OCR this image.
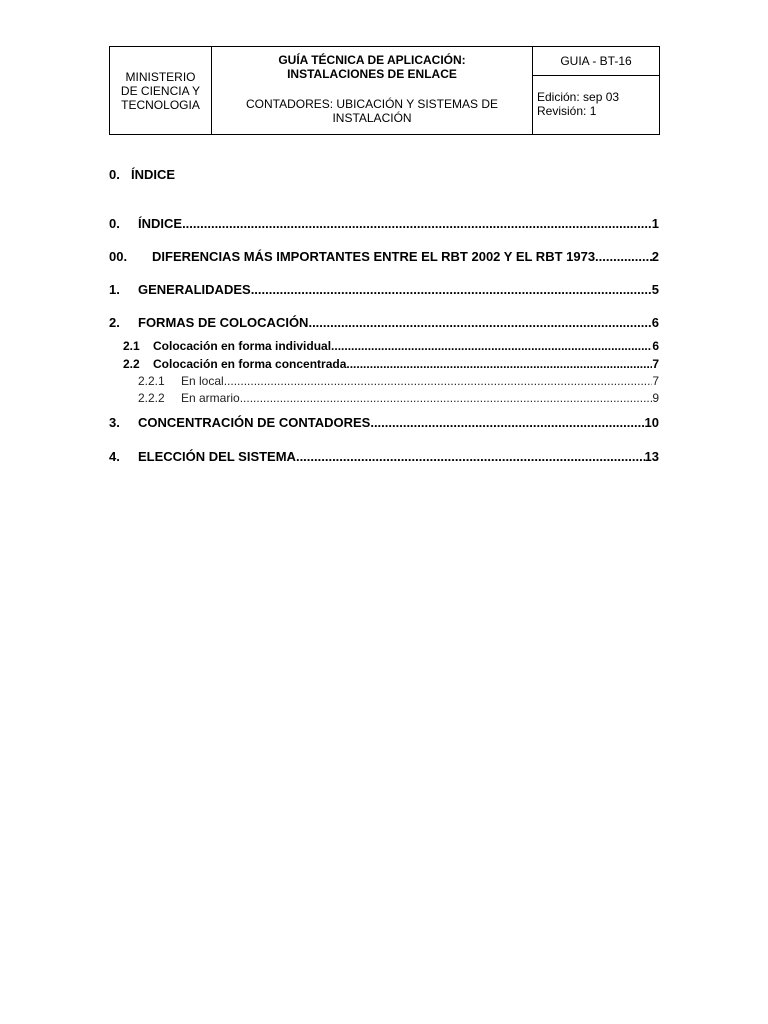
MINISTERIO
DE CIENCIA Y
TECNOLOGIA
GUÍA TÉCNICA DE APLICACIÓN:
INSTALACIONES DE ENLACE
CONTADORES: UBICACIÓN Y SISTEMAS DE
INSTALACIÓN
GUIA - BT-16
Edición: sep 03
Revisión: 1
0. ÍNDICE
0.	ÍNDICE .....	1
00.	DIFERENCIAS MÁS IMPORTANTES ENTRE EL RBT 2002 Y EL RBT 1973. .....	2
1.	GENERALIDADES .....	5
2.	FORMAS DE COLOCACIÓN .....	6
2.1	Colocación en forma individual .....	6
2.2	Colocación en forma concentrada .....	7
2.2.1	En local .....	7
2.2.2	En armario .....	9
3.	CONCENTRACIÓN DE CONTADORES .....	10
4.	ELECCIÓN DEL SISTEMA .....	13
